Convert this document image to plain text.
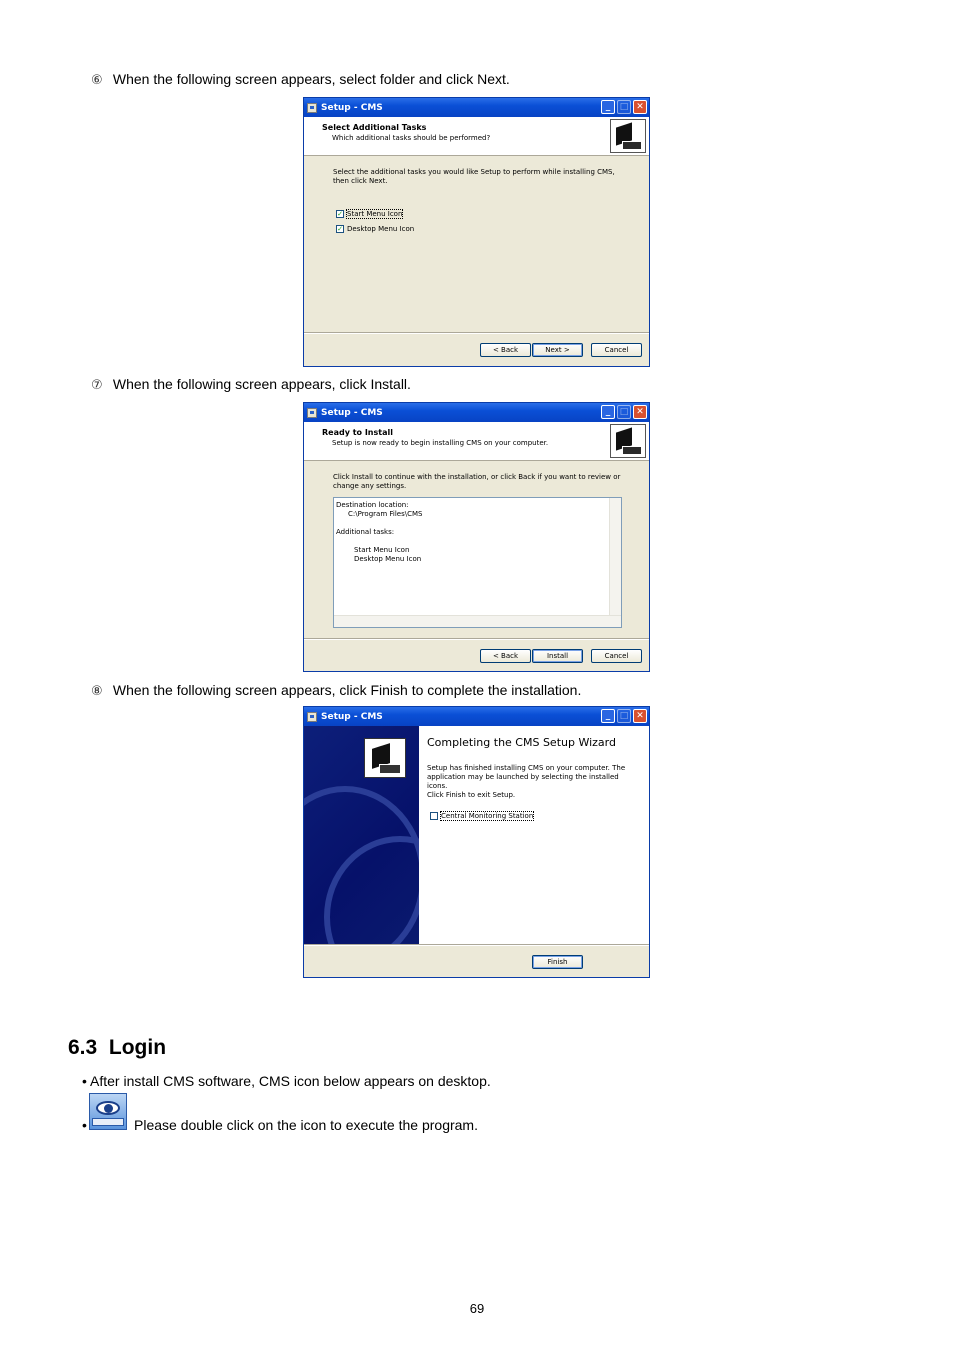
⑥ When the following screen appears, select folder and click Next.
Setup - CMS	_	□ ✕
Select Additional Tasks
Which additional tasks should be performed?
Select the additional tasks you would like Setup to perform while installing CMS, then click Next.
✓ Start Menu Icon
✓ Desktop Menu Icon
< Back	Next >	Cancel
⑦ When the following screen appears, click Install.
Setup - CMS	_	□ ✕
Ready to Install
Setup is now ready to begin installing CMS on your computer.
Click Install to continue with the installation, or click Back if you want to review or change any settings.
Destination location:
C:\Program Files\CMS
Additional tasks:
Start Menu Icon
Desktop Menu Icon
< Back	Install	Cancel
⑧ When the following screen appears, click Finish to complete the installation.
Setup - CMS	_	□ ✕
Completing the CMS Setup Wizard
Setup has finished installing CMS on your computer. The application may be launched by selecting the installed icons.
Click Finish to exit Setup.
Central Monitoring Station
Finish
6.3 Login
• After install CMS software, CMS icon below appears on desktop.
•	Please double click on the icon to execute the program.
69
